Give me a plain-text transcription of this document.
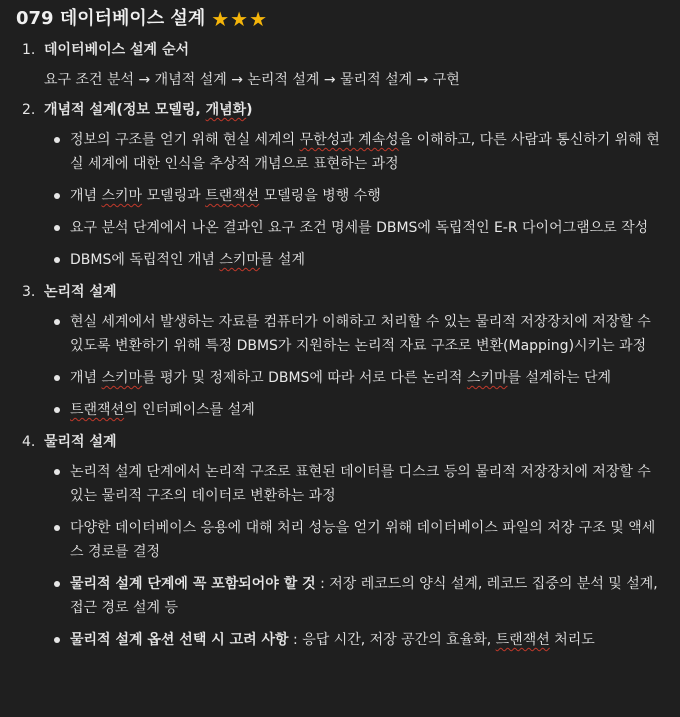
079 데이터베이스 설계 ★★★
1. 데이터베이스 설계 순서
요구 조건 분석 → 개념적 설계 → 논리적 설계 → 물리적 설계 → 구현
2. 개념적 설계(정보 모델링, 개념화)
정보의 구조를 얻기 위해 현실 세계의 무한성과 계속성을 이해하고, 다른 사람과 통신하기 위해 현실 세계에 대한 인식을 추상적 개념으로 표현하는 과정
개념 스키마 모델링과 트랜잭션 모델링을 병행 수행
요구 분석 단계에서 나온 결과인 요구 조건 명세를 DBMS에 독립적인 E-R 다이어그램으로 작성
DBMS에 독립적인 개념 스키마를 설계
3. 논리적 설계
현실 세계에서 발생하는 자료를 컴퓨터가 이해하고 처리할 수 있는 물리적 저장장치에 저장할 수 있도록 변환하기 위해 특정 DBMS가 지원하는 논리적 자료 구조로 변환(Mapping)시키는 과정
개념 스키마를 평가 및 정제하고 DBMS에 따라 서로 다른 논리적 스키마를 설계하는 단계
트랜잭션의 인터페이스를 설계
4. 물리적 설계
논리적 설계 단계에서 논리적 구조로 표현된 데이터를 디스크 등의 물리적 저장장치에 저장할 수 있는 물리적 구조의 데이터로 변환하는 과정
다양한 데이터베이스 응용에 대해 처리 성능을 얻기 위해 데이터베이스 파일의 저장 구조 및 액세스 경로를 결정
물리적 설계 단계에 꼭 포함되어야 할 것 : 저장 레코드의 양식 설계, 레코드 집중의 분석 및 설계, 접근 경로 설계 등
물리적 설계 옵션 선택 시 고려 사항 : 응답 시간, 저장 공간의 효율화, 트랜잭션 처리도
